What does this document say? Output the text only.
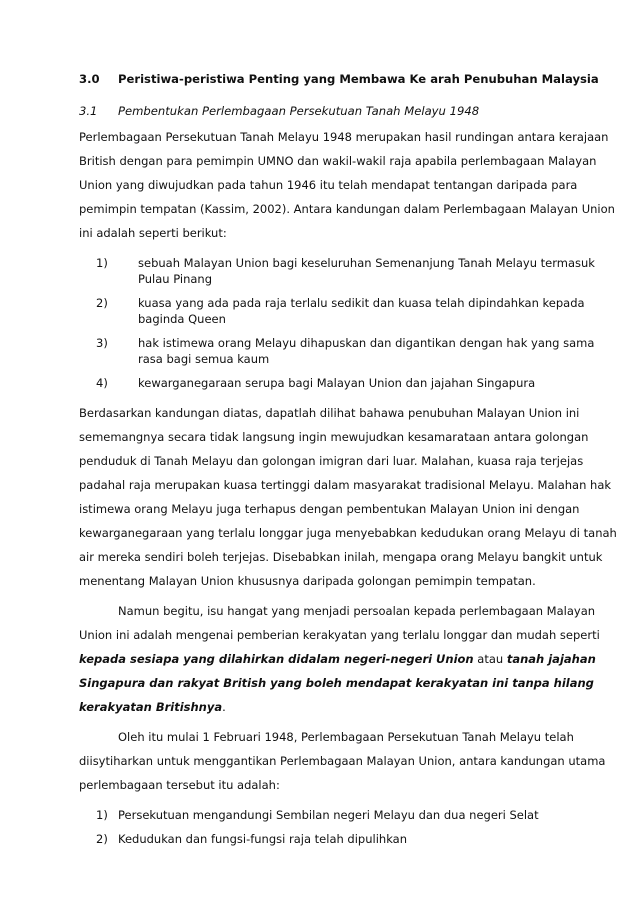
3.0 Peristiwa-peristiwa Penting yang Membawa Ke arah Penubuhan Malaysia
3.1 Pembentukan Perlembagaan Persekutuan Tanah Melayu 1948
Perlembagaan Persekutuan Tanah Melayu 1948 merupakan hasil rundingan antara kerajaan
British dengan para pemimpin UMNO dan wakil-wakil raja apabila perlembagaan Malayan
Union yang diwujudkan pada tahun 1946 itu telah mendapat tentangan daripada para
pemimpin tempatan (Kassim, 2002). Antara kandungan dalam Perlembagaan Malayan Union
ini adalah seperti berikut:
1)	sebuah Malayan Union bagi keseluruhan Semenanjung Tanah Melayu termasuk
Pulau Pinang
2)	kuasa yang ada pada raja terlalu sedikit dan kuasa telah dipindahkan kepada
baginda Queen
3)	hak istimewa orang Melayu dihapuskan dan digantikan dengan hak yang sama
rasa bagi semua kaum
4)	kewarganegaraan serupa bagi Malayan Union dan jajahan Singapura
Berdasarkan kandungan diatas, dapatlah dilihat bahawa penubuhan Malayan Union ini
sememangnya secara tidak langsung ingin mewujudkan kesamarataan antara golongan
penduduk di Tanah Melayu dan golongan imigran dari luar. Malahan, kuasa raja terjejas
padahal raja merupakan kuasa tertinggi dalam masyarakat tradisional Melayu. Malahan hak
istimewa orang Melayu juga terhapus dengan pembentukan Malayan Union ini dengan
kewarganegaraan yang terlalu longgar juga menyebabkan kedudukan orang Melayu di tanah
air mereka sendiri boleh terjejas. Disebabkan inilah, mengapa orang Melayu bangkit untuk
menentang Malayan Union khususnya daripada golongan pemimpin tempatan.
Namun begitu, isu hangat yang menjadi persoalan kepada perlembagaan Malayan
Union ini adalah mengenai pemberian kerakyatan yang terlalu longgar dan mudah seperti
kepada sesiapa yang dilahirkan didalam negeri-negeri Union atau tanah jajahan
Singapura dan rakyat British yang boleh mendapat kerakyatan ini tanpa hilang
kerakyatan Britishnya.
Oleh itu mulai 1 Februari 1948, Perlembagaan Persekutuan Tanah Melayu telah
diisytiharkan untuk menggantikan Perlembagaan Malayan Union, antara kandungan utama
perlembagaan tersebut itu adalah:
1) Persekutuan mengandungi Sembilan negeri Melayu dan dua negeri Selat
2) Kedudukan dan fungsi-fungsi raja telah dipulihkan
